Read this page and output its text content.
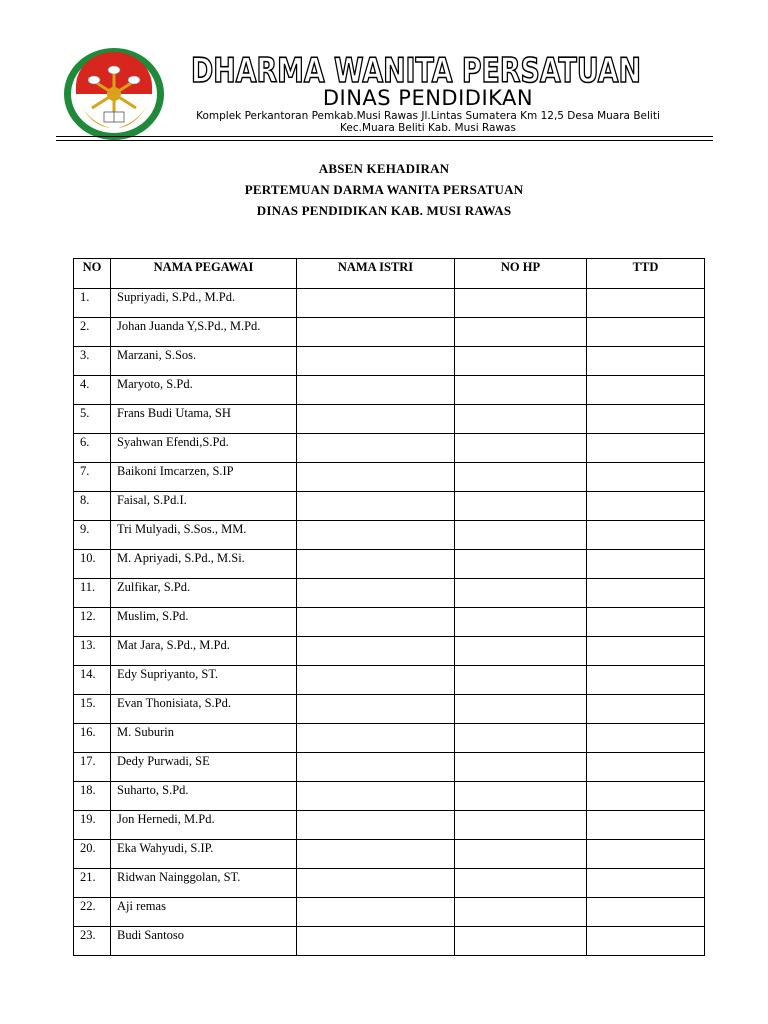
DHARMA WANITA PERSATUAN
DINAS PENDIDIKAN
Komplek Perkantoran Pemkab.Musi Rawas Jl.Lintas Sumatera Km 12,5 Desa Muara Beliti
Kec.Muara Beliti Kab. Musi Rawas
ABSEN KEHADIRAN
PERTEMUAN DARMA WANITA PERSATUAN
DINAS PENDIDIKAN KAB. MUSI RAWAS
NO	NAMA PEGAWAI	NAMA ISTRI	NO HP	TTD
1.	Supriyadi, S.Pd., M.Pd.			
2.	Johan Juanda Y,S.Pd., M.Pd.			
3.	Marzani, S.Sos.			
4.	Maryoto, S.Pd.			
5.	Frans Budi Utama, SH			
6.	Syahwan Efendi,S.Pd.			
7.	Baikoni Imcarzen, S.IP			
8.	Faisal, S.Pd.I.			
9.	Tri Mulyadi, S.Sos., MM.			
10.	M. Apriyadi, S.Pd., M.Si.			
11.	Zulfikar, S.Pd.			
12.	Muslim, S.Pd.			
13.	Mat Jara, S.Pd., M.Pd.			
14.	Edy Supriyanto, ST.			
15.	Evan Thonisiata, S.Pd.			
16.	M. Suburin			
17.	Dedy Purwadi, SE			
18.	Suharto, S.Pd.			
19.	Jon Hernedi, M.Pd.			
20.	Eka Wahyudi, S.IP.			
21.	Ridwan Nainggolan, ST.			
22.	Aji remas			
23.	Budi Santoso			
